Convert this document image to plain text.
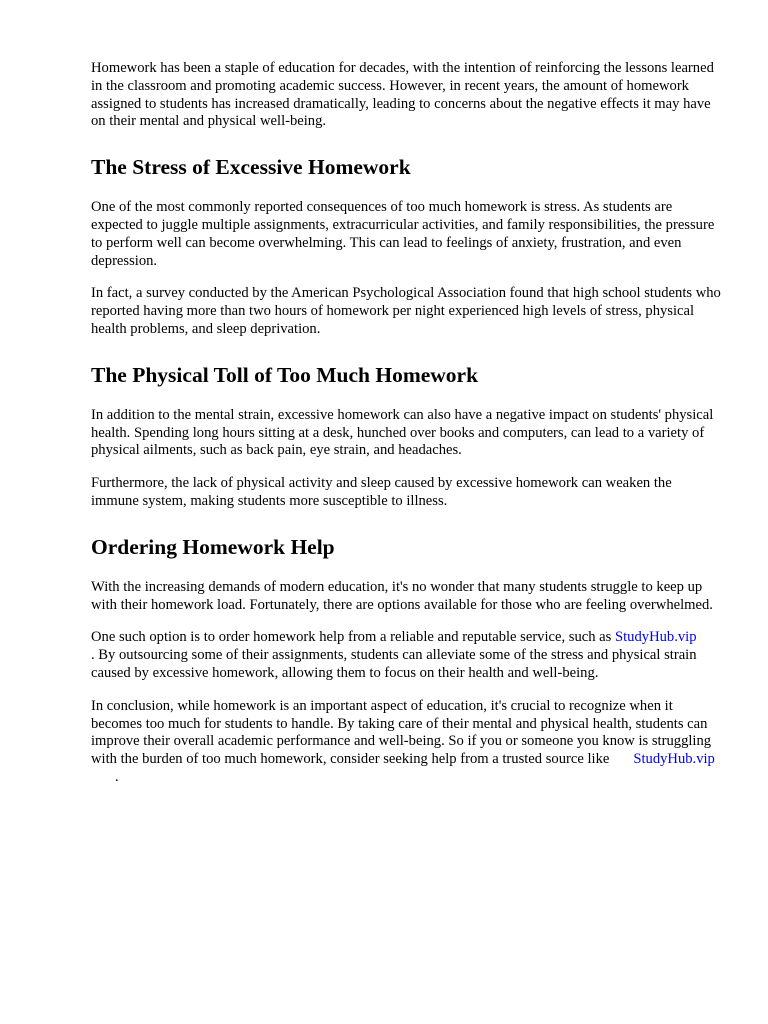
Homework has been a staple of education for decades, with the intention of reinforcing the lessons learned in the classroom and promoting academic success. However, in recent years, the amount of homework assigned to students has increased dramatically, leading to concerns about the negative effects it may have on their mental and physical well-being.

The Stress of Excessive Homework

One of the most commonly reported consequences of too much homework is stress. As students are expected to juggle multiple assignments, extracurricular activities, and family responsibilities, the pressure to perform well can become overwhelming. This can lead to feelings of anxiety, frustration, and even depression.

In fact, a survey conducted by the American Psychological Association found that high school students who reported having more than two hours of homework per night experienced high levels of stress, physical health problems, and sleep deprivation.

The Physical Toll of Too Much Homework

In addition to the mental strain, excessive homework can also have a negative impact on students' physical health. Spending long hours sitting at a desk, hunched over books and computers, can lead to a variety of physical ailments, such as back pain, eye strain, and headaches.

Furthermore, the lack of physical activity and sleep caused by excessive homework can weaken the immune system, making students more susceptible to illness.

Ordering Homework Help

With the increasing demands of modern education, it's no wonder that many students struggle to keep up with their homework load. Fortunately, there are options available for those who are feeling overwhelmed.

One such option is to order homework help from a reliable and reputable service, such as StudyHub.vip. By outsourcing some of their assignments, students can alleviate some of the stress and physical strain caused by excessive homework, allowing them to focus on their health and well-being.

In conclusion, while homework is an important aspect of education, it's crucial to recognize when it becomes too much for students to handle. By taking care of their mental and physical health, students can improve their overall academic performance and well-being. So if you or someone you know is struggling with the burden of too much homework, consider seeking help from a trusted source like StudyHub.vip.
